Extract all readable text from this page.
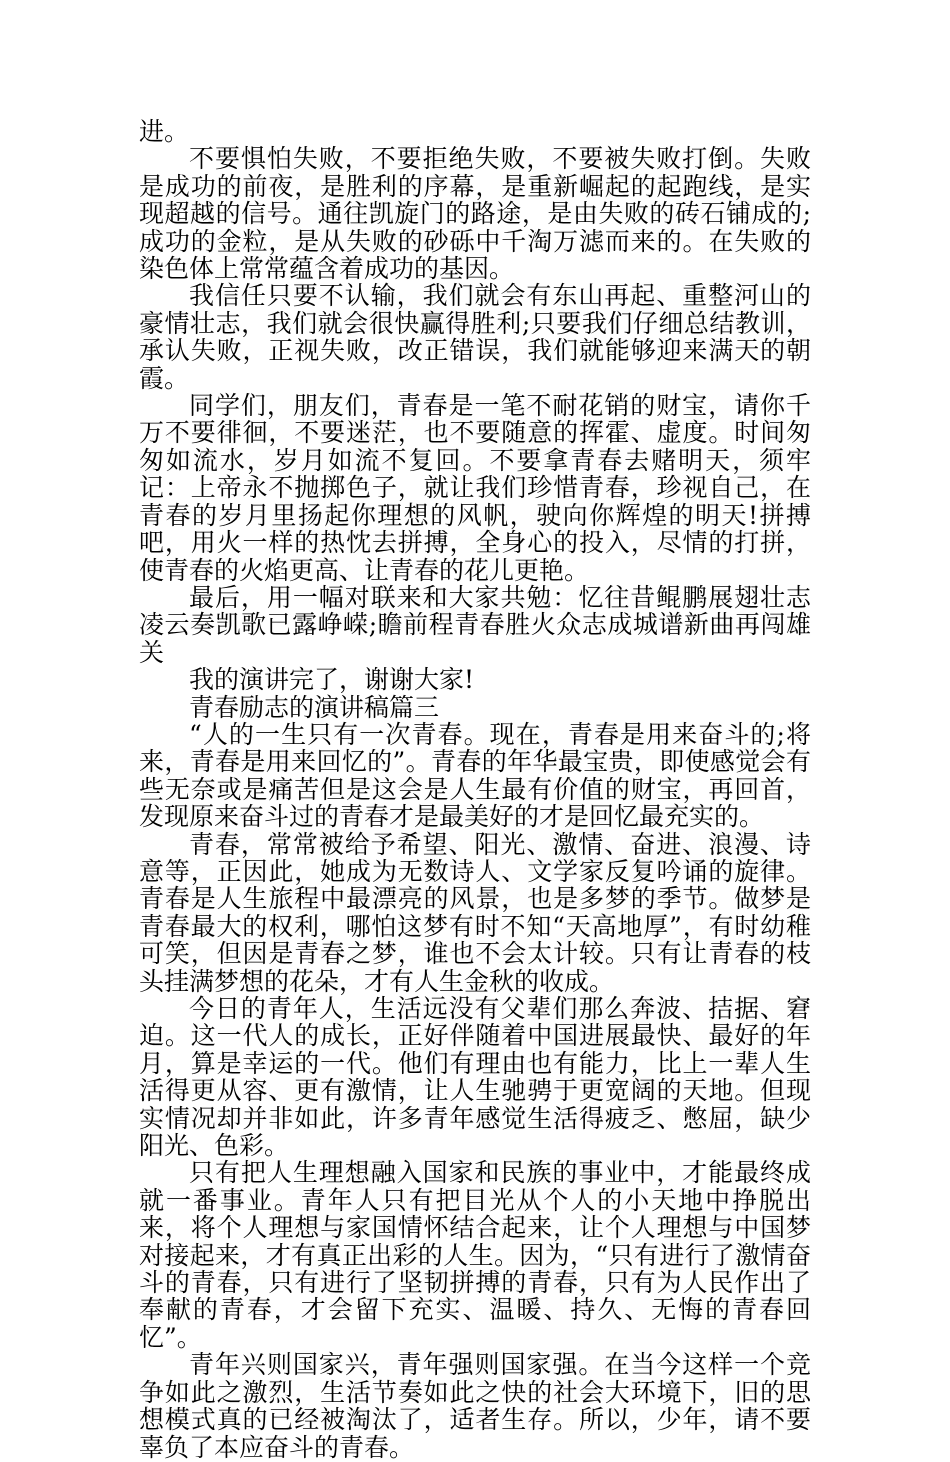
进。

不要惧怕失败，不要拒绝失败，不要被失败打倒。失败是成功的前夜，是胜利的序幕，是重新崛起的起跑线，是实现超越的信号。通往凯旋门的路途，是由失败的砖石铺成的;成功的金粒，是从失败的砂砾中千淘万滤而来的。在失败的染色体上常常蕴含着成功的基因。

我信任只要不认输，我们就会有东山再起、重整河山的豪情壮志，我们就会很快赢得胜利;只要我们仔细总结教训，承认失败，正视失败，改正错误，我们就能够迎来满天的朝霞。

同学们，朋友们，青春是一笔不耐花销的财宝，请你千万不要徘徊，不要迷茫，也不要随意的挥霍、虚度。时间匆匆如流水，岁月如流不复回。不要拿青春去赌明天，须牢记：上帝永不抛掷色子，就让我们珍惜青春，珍视自己，在青春的岁月里扬起你理想的风帆，驶向你辉煌的明天!拼搏吧，用火一样的热忱去拼搏，全身心的投入，尽情的打拼，使青春的火焰更高、让青春的花儿更艳。

最后，用一幅对联来和大家共勉：忆往昔鲲鹏展翅壮志凌云奏凯歌已露峥嵘;瞻前程青春胜火众志成城谱新曲再闯雄关

我的演讲完了，谢谢大家!

青春励志的演讲稿篇三

“人的一生只有一次青春。现在，青春是用来奋斗的;将来，青春是用来回忆的”。青春的年华最宝贵，即使感觉会有些无奈或是痛苦但是这会是人生最有价值的财宝，再回首，发现原来奋斗过的青春才是最美好的才是回忆最充实的。

青春，常常被给予希望、阳光、激情、奋进、浪漫、诗意等，正因此，她成为无数诗人、文学家反复吟诵的旋律。青春是人生旅程中最漂亮的风景，也是多梦的季节。做梦是青春最大的权利，哪怕这梦有时不知“天高地厚”，有时幼稚可笑，但因是青春之梦，谁也不会太计较。只有让青春的枝头挂满梦想的花朵，才有人生金秋的收成。

今日的青年人，生活远没有父辈们那么奔波、拮据、窘迫。这一代人的成长，正好伴随着中国进展最快、最好的年月，算是幸运的一代。他们有理由也有能力，比上一辈人生活得更从容、更有激情，让人生驰骋于更宽阔的天地。但现实情况却并非如此，许多青年感觉生活得疲乏、憋屈，缺少阳光、色彩。

只有把人生理想融入国家和民族的事业中，才能最终成就一番事业。青年人只有把目光从个人的小天地中挣脱出来，将个人理想与家国情怀结合起来，让个人理想与中国梦对接起来，才有真正出彩的人生。因为，“只有进行了激情奋斗的青春，只有进行了坚韧拼搏的青春，只有为人民作出了奉献的青春，才会留下充实、温暖、持久、无悔的青春回忆”。

青年兴则国家兴，青年强则国家强。在当今这样一个竞争如此之激烈，生活节奏如此之快的社会大环境下，旧的思想模式真的已经被淘汰了，适者生存。所以，少年，请不要辜负了本应奋斗的青春。
